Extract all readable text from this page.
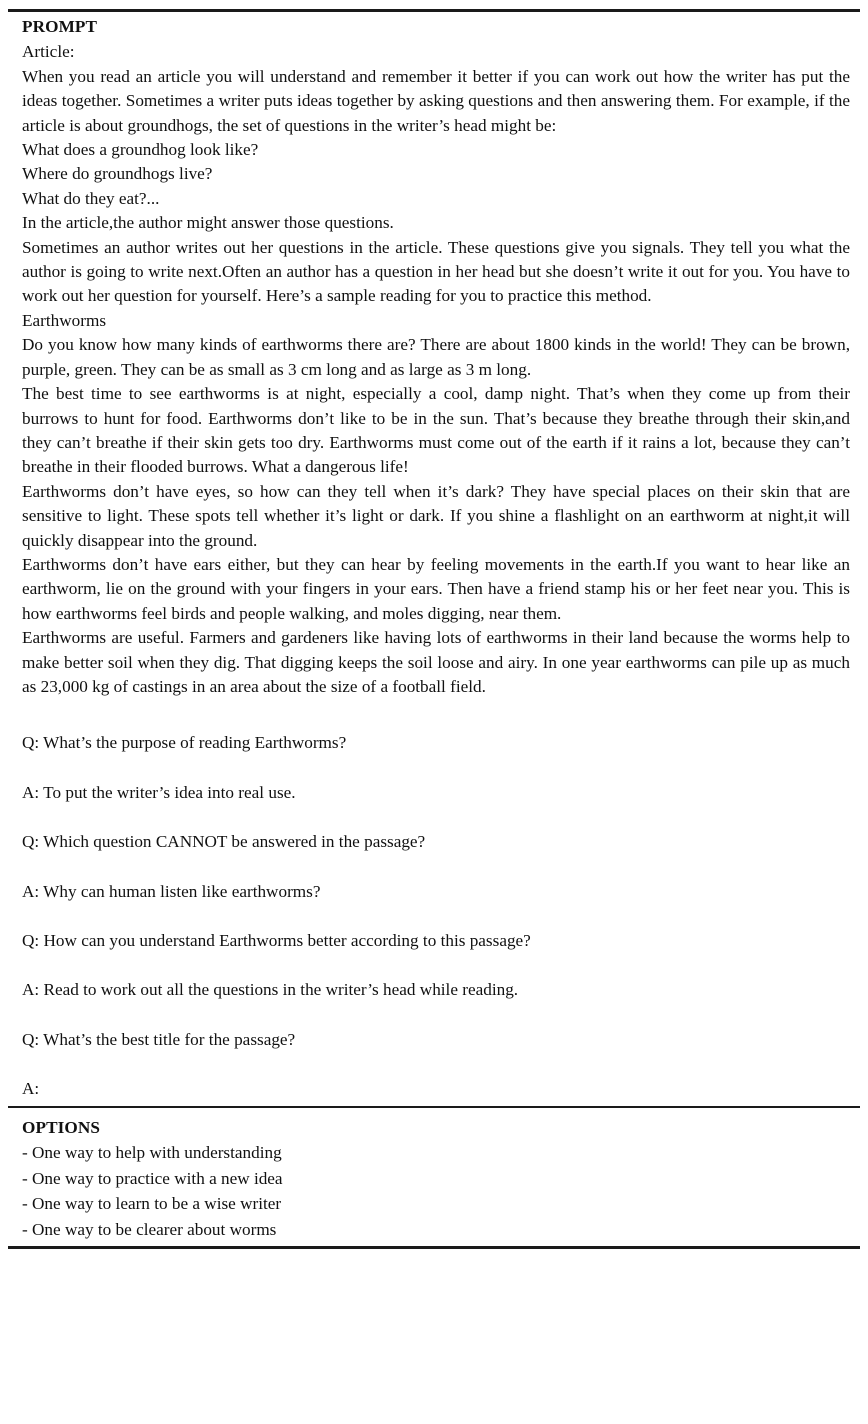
PROMPT

Article:

When you read an article you will understand and remember it better if you can work out how the writer has put the ideas together. Sometimes a writer puts ideas together by asking questions and then answering them. For example, if the article is about groundhogs, the set of questions in the writer’s head might be:

What does a groundhog look like?

Where do groundhogs live?

What do they eat?...

In the article,the author might answer those questions.

Sometimes an author writes out her questions in the article. These questions give you signals. They tell you what the author is going to write next.Often an author has a question in her head but she doesn’t write it out for you. You have to work out her question for yourself. Here’s a sample reading for you to practice this method.

Earthworms

Do you know how many kinds of earthworms there are? There are about 1800 kinds in the world! They can be brown, purple, green. They can be as small as 3 cm long and as large as 3 m long.

The best time to see earthworms is at night, especially a cool, damp night. That’s when they come up from their burrows to hunt for food. Earthworms don’t like to be in the sun. That’s because they breathe through their skin,and they can’t breathe if their skin gets too dry. Earthworms must come out of the earth if it rains a lot, because they can’t breathe in their flooded burrows. What a dangerous life!

Earthworms don’t have eyes, so how can they tell when it’s dark? They have special places on their skin that are sensitive to light. These spots tell whether it’s light or dark. If you shine a flashlight on an earthworm at night,it will quickly disappear into the ground.

Earthworms don’t have ears either, but they can hear by feeling movements in the earth.If you want to hear like an earthworm, lie on the ground with your fingers in your ears. Then have a friend stamp his or her feet near you. This is how earthworms feel birds and people walking, and moles digging, near them.

Earthworms are useful. Farmers and gardeners like having lots of earthworms in their land because the worms help to make better soil when they dig. That digging keeps the soil loose and airy. In one year earthworms can pile up as much as 23,000 kg of castings in an area about the size of a football field.

Q: What’s the purpose of reading Earthworms?
A: To put the writer’s idea into real use.
Q: Which question CANNOT be answered in the passage?
A: Why can human listen like earthworms?
Q: How can you understand Earthworms better according to this passage?
A: Read to work out all the questions in the writer’s head while reading.
Q: What’s the best title for the passage?
A:
OPTIONS
- One way to help with understanding
- One way to practice with a new idea
- One way to learn to be a wise writer
- One way to be clearer about worms
